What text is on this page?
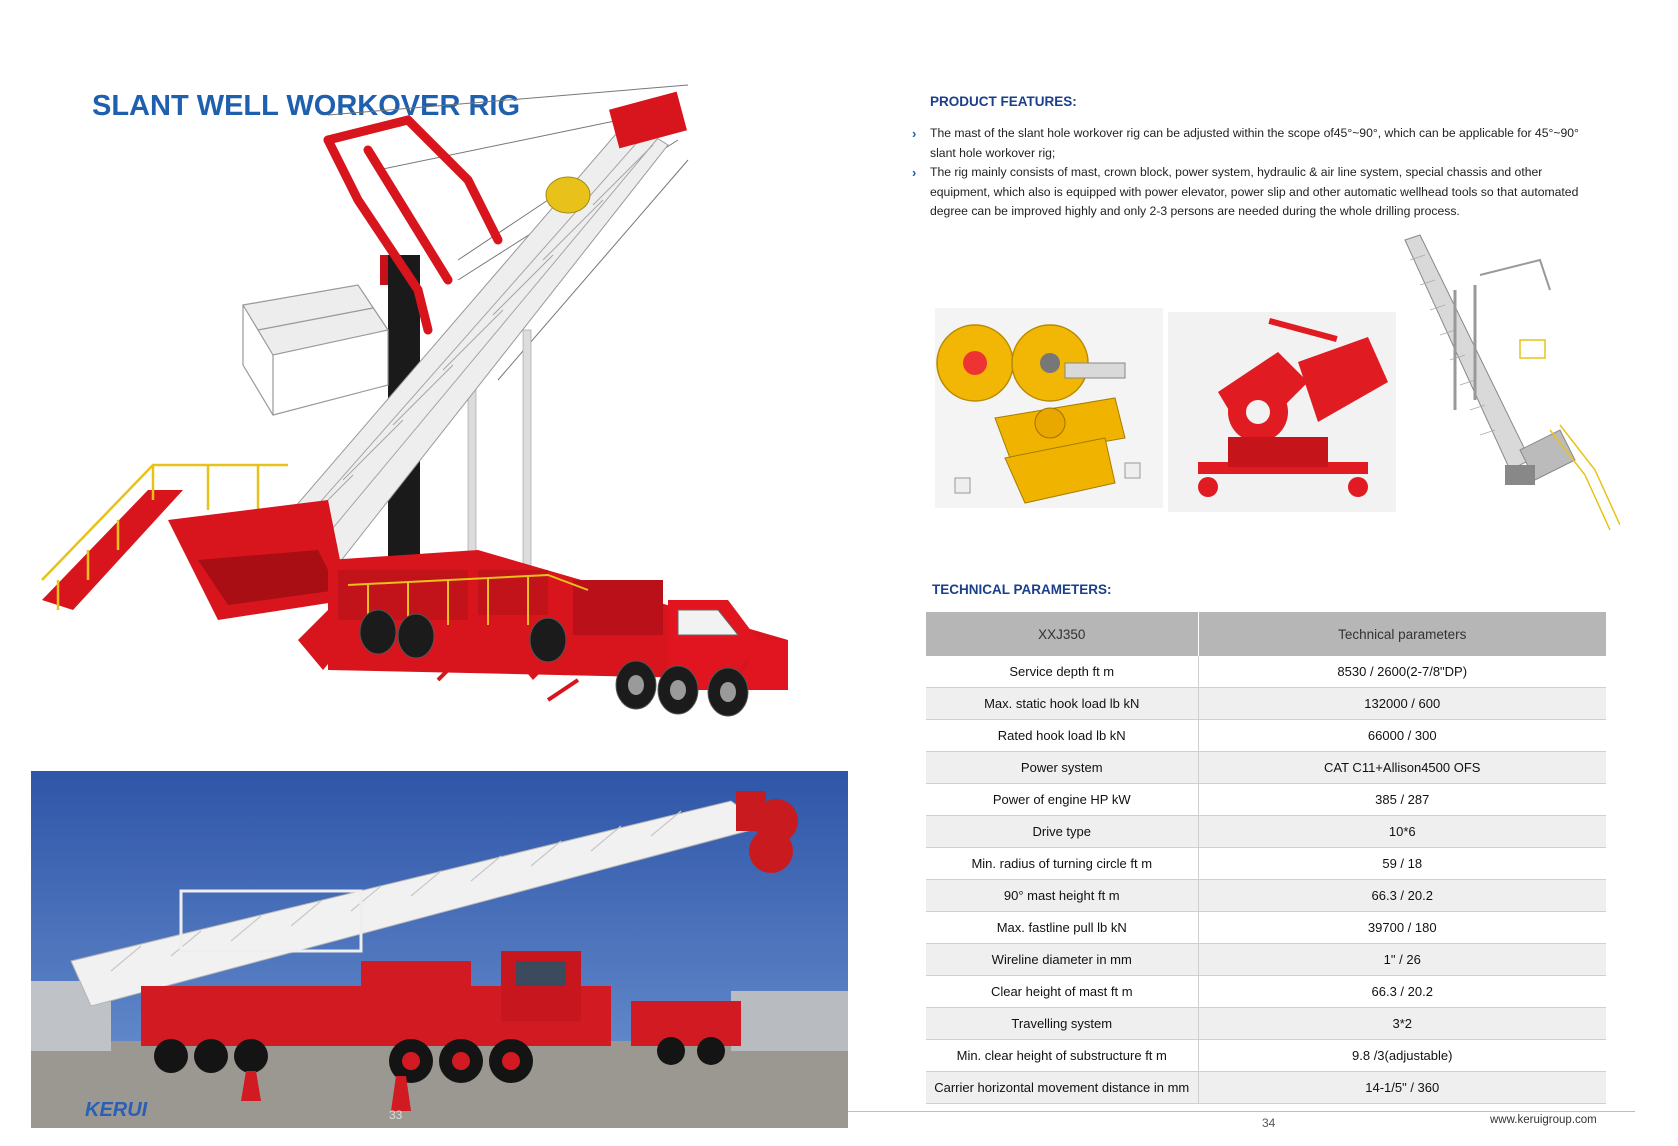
SLANT WELL WORKOVER RIG
KERUI	33
PRODUCT FEATURES:
› The mast of the slant hole workover rig can be adjusted within the scope of45°~90°, which can be applicable for 45°~90° slant hole workover rig;
› The rig mainly consists of mast, crown block, power system, hydraulic & air line system, special chassis and other equipment, which also is equipped with power elevator, power slip and other automatic wellhead tools so that automated degree can be improved highly and only 2-3 persons are needed during the whole drilling process.
TECHNICAL PARAMETERS:
XXJ350	Technical parameters
Service depth ft m	8530 / 2600(2-7/8"DP)
Max. static hook load lb kN	132000 / 600
Rated hook load lb kN	66000 / 300
Power system	CAT C11+Allison4500 OFS
Power of engine HP kW	385 / 287
Drive type	10*6
Min. radius of turning circle ft m	59 / 18
90° mast height ft m	66.3 / 20.2
Max. fastline pull lb kN	39700 / 180
Wireline diameter in mm	1" / 26
Clear height of mast ft m	66.3 / 20.2
Travelling system	3*2
Min. clear height of substructure ft m	9.8 /3(adjustable)
Carrier horizontal movement distance in mm	14-1/5" / 360
34	www.keruigroup.com
